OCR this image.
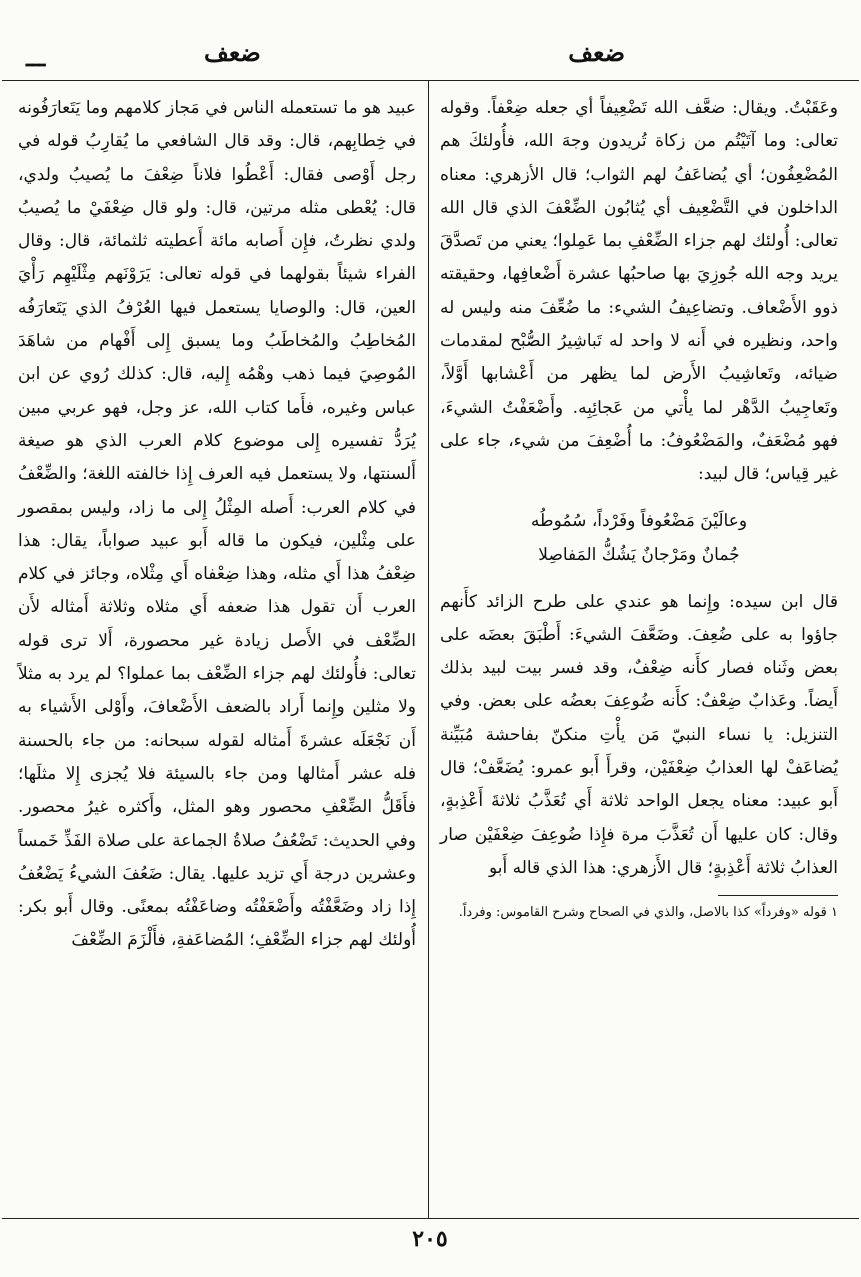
ضعف
ضعف
ـــ

وعَقَبْتُ. ويقال: ضعَّف الله تَضْعِيفاً أي جعله ضِعْفاً. وقوله تعالى: وما آتَيْتُم من زكاة تُريدون وجهَ الله، فأُولئكَ هم المُضْعِفُون؛ أي يُضاعَفُ لهم الثواب؛ قال الأزهري: معناه الداخلون في التَّضْعِيف أي يُثابُون الضِّعْفَ الذي قال الله تعالى: أُولئك لهم جزاء الضِّعْفِ بما عَمِلوا؛ يعني من تَصدَّقَ يريد وجه الله جُوزِيَ بها صاحبُها عشرة أَضْعافِها، وحقيقته ذوو الأَضْعاف. وتضاعِيفُ الشيء: ما ضُعِّفَ منه وليس له واحد، ونظيره في أَنه لا واحد له تَباشِيرُ الصُّبْح لمقدمات ضيائه، وتَعاشِيبُ الأَرض لما يظهر من أَعْشابها أَوَّلاً، وتَعاجِيبُ الدَّهْر لما يأْتي من عَجائِبِه. وأَضْعَفْتُ الشيءَ، فهو مُضْعَفٌ، والمَضْعُوفُ: ما أُضْعِفَ من شيء، جاء على غير قِياس؛ قال لبيد:

وعالَيْنَ مَضْعُوفاً وفَرْداً، سُمُوطُه
جُمانٌ ومَرْجانٌ يَشُكُّ المَفاصِلا

قال ابن سيده: وإِنما هو عندي على طرح الزائد كأَنهم جاؤوا به على ضُعِفَ. وضَعَّفَ الشيءَ: أَطْبَقَ بعضَه على بعض وثَناه فصار كأَنه ضِعْفٌ، وقد فسر بيت لبيد بذلك أَيضاً. وعَذابٌ ضِعْفٌ: كأَنه ضُوعِفَ بعضُه على بعض. وفي التنزيل: يا نساء النبيّ مَن يأْتِ منكنّ بفاحشة مُبَيِّنة يُضاعَفْ لها العذابُ ضِعْفَيْن، وقرأَ أَبو عمرو: يُضَعَّفْ؛ قال أَبو عبيد: معناه يجعل الواحد ثلاثة أَي تُعَذَّبُ ثلاثةَ أَعْذِبةٍ، وقال: كان عليها أَن تُعَذَّبَ مرة فإِذا ضُوعِفَ ضِعْفَيْن صار العذابُ ثلاثة أَعْذِبةٍ؛ قال الأَزهري: هذا الذي قاله أَبو

١ قوله «وفرداً» كذا بالاصل، والذي في الصحاح وشرح القاموس: وفرداً.

عبيد هو ما تستعمله الناس في مَجاز كلامهم وما يَتَعارَفُونه في خِطابِهم، قال: وقد قال الشافعي ما يُقارِبُ قوله في رجل أَوْصى فقال: أَعْطُوا فلاناً ضِعْفَ ما يُصيبُ ولدي، قال: يُعْطى مثله مرتين، قال: ولو قال ضِعْفَيْ ما يُصيبُ ولدي نظرتُ، فإِن أَصابه مائة أَعطيته ثلثمائة، قال: وقال الفراء شيئاً بقولهما في قوله تعالى: يَرَوْنَهم مِثْلَيْهِم رَأْيَ العين، قال: والوصايا يستعمل فيها العُرْفُ الذي يَتَعارَفُه المُخاطِبُ والمُخاطَبُ وما يسبق إِلى أَفْهام من شاهَدَ المُوصِيَ فيما ذهب وهْمُه إِليه، قال: كذلك رُوي عن ابن عباس وغيره، فأَما كتاب الله، عز وجل، فهو عربي مبين يُرَدُّ تفسيره إِلى موضوع كلام العرب الذي هو صيغة أَلسنتها، ولا يستعمل فيه العرف إِذا خالفته اللغة؛ والضِّعْفُ في كلام العرب: أَصله المِثْلُ إِلى ما زاد، وليس بمقصور على مِثْلين، فيكون ما قاله أَبو عبيد صواباً، يقال: هذا ضِعْفُ هذا أَي مثله، وهذا ضِعْفاه أَي مِثْلاه، وجائز في كلام العرب أَن تقول هذا ضعفه أَي مثلاه وثلاثة أَمثاله لأَن الضِّعْف في الأَصل زيادة غير محصورة، أَلا ترى قوله تعالى: فأُولئك لهم جزاء الضِّعْف بما عملوا؟ لم يرد به مثلاً ولا مثلين وإِنما أَراد بالضعف الأَضْعافَ، وأَوْلى الأَشياء به أَن نَجْعَلَه عشرةَ أَمثاله لقوله سبحانه: من جاء بالحسنة فله عشر أَمثالها ومن جاء بالسيئة فلا يُجزى إِلا مثلَها؛ فأَقَلُّ الضِّعْفِ محصور وهو المثل، وأَكثره غيرُ محصور. وفي الحديث: تَضْعُفُ صلاةُ الجماعة على صلاة الفَذِّ خَمساً وعشرين درجة أَي تزيد عليها. يقال: ضَعُفَ الشيءُ يَضْعُفُ إِذا زاد وضَعَّفْتُه وأَضْعَفْتُه وضاعَفْتُه بمعنًى. وقال أَبو بكر: أُولئك لهم جزاء الضِّعْفِ؛ المُضاعَفةِ، فأَلْزَمَ الضِّعْفَ

٢٠٥
